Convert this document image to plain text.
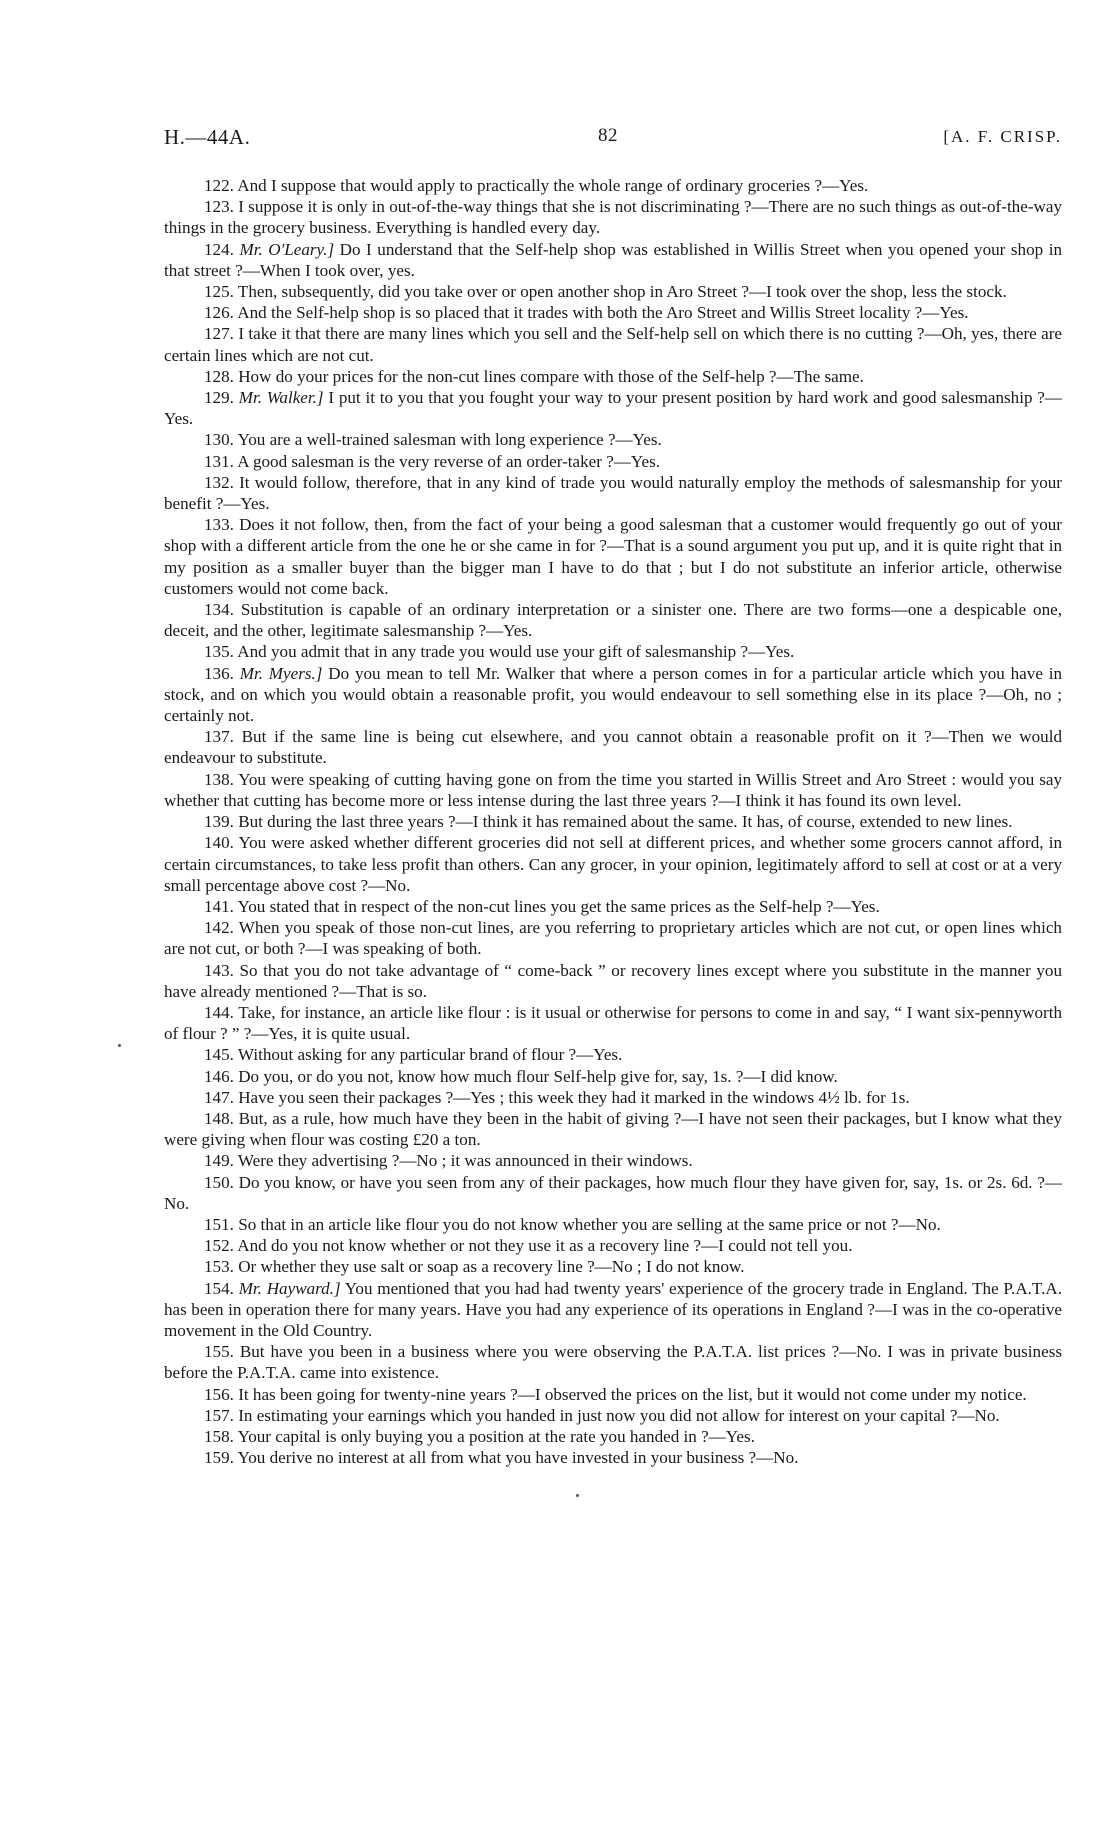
H.—44A.	82	[A. F. CRISP.

122. And I suppose that would apply to practically the whole range of ordinary groceries ?—Yes.

123. I suppose it is only in out-of-the-way things that she is not discriminating ?—There are no such things as out-of-the-way things in the grocery business. Everything is handled every day.

124. Mr. O'Leary.] Do I understand that the Self-help shop was established in Willis Street when you opened your shop in that street ?—When I took over, yes.

125. Then, subsequently, did you take over or open another shop in Aro Street ?—I took over the shop, less the stock.

126. And the Self-help shop is so placed that it trades with both the Aro Street and Willis Street locality ?—Yes.

127. I take it that there are many lines which you sell and the Self-help sell on which there is no cutting ?—Oh, yes, there are certain lines which are not cut.

128. How do your prices for the non-cut lines compare with those of the Self-help ?—The same.

129. Mr. Walker.] I put it to you that you fought your way to your present position by hard work and good salesmanship ?—Yes.

130. You are a well-trained salesman with long experience ?—Yes.

131. A good salesman is the very reverse of an order-taker ?—Yes.

132. It would follow, therefore, that in any kind of trade you would naturally employ the methods of salesmanship for your benefit ?—Yes.

133. Does it not follow, then, from the fact of your being a good salesman that a customer would frequently go out of your shop with a different article from the one he or she came in for ?—That is a sound argument you put up, and it is quite right that in my position as a smaller buyer than the bigger man I have to do that ; but I do not substitute an inferior article, otherwise customers would not come back.

134. Substitution is capable of an ordinary interpretation or a sinister one. There are two forms—one a despicable one, deceit, and the other, legitimate salesmanship ?—Yes.

135. And you admit that in any trade you would use your gift of salesmanship ?—Yes.

136. Mr. Myers.] Do you mean to tell Mr. Walker that where a person comes in for a particular article which you have in stock, and on which you would obtain a reasonable profit, you would endeavour to sell something else in its place ?—Oh, no ; certainly not.

137. But if the same line is being cut elsewhere, and you cannot obtain a reasonable profit on it ?—Then we would endeavour to substitute.

138. You were speaking of cutting having gone on from the time you started in Willis Street and Aro Street : would you say whether that cutting has become more or less intense during the last three years ?—I think it has found its own level.

139. But during the last three years ?—I think it has remained about the same. It has, of course, extended to new lines.

140. You were asked whether different groceries did not sell at different prices, and whether some grocers cannot afford, in certain circumstances, to take less profit than others. Can any grocer, in your opinion, legitimately afford to sell at cost or at a very small percentage above cost ?—No.

141. You stated that in respect of the non-cut lines you get the same prices as the Self-help ?—Yes.

142. When you speak of those non-cut lines, are you referring to proprietary articles which are not cut, or open lines which are not cut, or both ?—I was speaking of both.

143. So that you do not take advantage of “ come-back ” or recovery lines except where you substitute in the manner you have already mentioned ?—That is so.

144. Take, for instance, an article like flour : is it usual or otherwise for persons to come in and say, “ I want six-pennyworth of flour ? ” ?—Yes, it is quite usual.

145. Without asking for any particular brand of flour ?—Yes.

146. Do you, or do you not, know how much flour Self-help give for, say, 1s. ?—I did know.

147. Have you seen their packages ?—Yes ; this week they had it marked in the windows 4½ lb. for 1s.

148. But, as a rule, how much have they been in the habit of giving ?—I have not seen their packages, but I know what they were giving when flour was costing £20 a ton.

149. Were they advertising ?—No ; it was announced in their windows.

150. Do you know, or have you seen from any of their packages, how much flour they have given for, say, 1s. or 2s. 6d. ?—No.

151. So that in an article like flour you do not know whether you are selling at the same price or not ?—No.

152. And do you not know whether or not they use it as a recovery line ?—I could not tell you.

153. Or whether they use salt or soap as a recovery line ?—No ; I do not know.

154. Mr. Hayward.] You mentioned that you had had twenty years' experience of the grocery trade in England. The P.A.T.A. has been in operation there for many years. Have you had any experience of its operations in England ?—I was in the co-operative movement in the Old Country.

155. But have you been in a business where you were observing the P.A.T.A. list prices ?—No. I was in private business before the P.A.T.A. came into existence.

156. It has been going for twenty-nine years ?—I observed the prices on the list, but it would not come under my notice.

157. In estimating your earnings which you handed in just now you did not allow for interest on your capital ?—No.

158. Your capital is only buying you a position at the rate you handed in ?—Yes.

159. You derive no interest at all from what you have invested in your business ?—No.
